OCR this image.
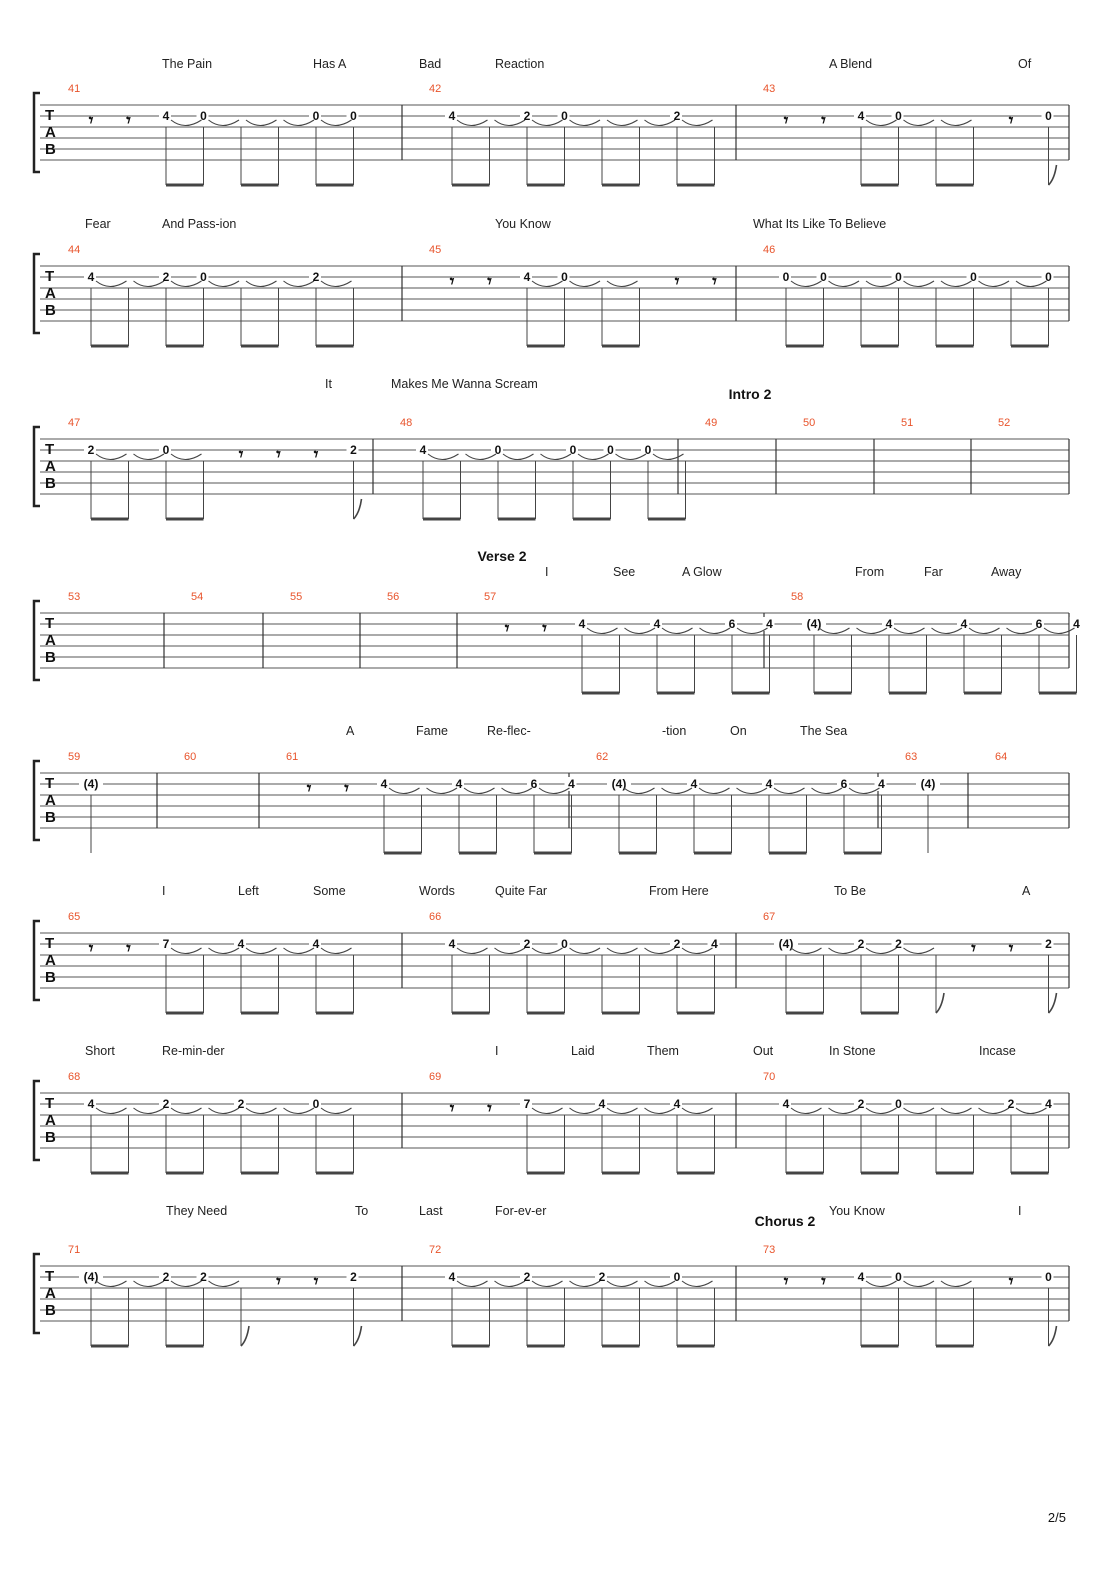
𝄾 𝄾	4	0	0	0	4	2	0	2	𝄾 𝄾	4	0	𝄾	0
T
A
B
The Pain	Has A	Bad	Reaction	A Blend	Of
41	42	43
4	2	0	2	𝄾 𝄾	4	0	𝄾 𝄾	0	0	0	0	0
T
A
B
Fear	And Pass-ion	You Know	What Its Like To Believe
44	45	46
2	0	𝄾 𝄾 𝄾	2	4	0	0	0	0
T
A
B
It	Makes Me Wanna Scream
Intro 2
47	48	49	50	51	52
𝄾 𝄾	4	4	6	4	(4)	4	4	6	4
T
A
B
I	See	A Glow	From	Far	Away
Verse 2
53	54	55	56	57	58
(4)	𝄾 𝄾	4	4	6	4	(4)	4	4	6	4	(4)
T
A
B
A	Fame	Re-flec-	-tion	On	The Sea
59	60	61	62	63	64
𝄾 𝄾	7	4	4	4	2	0	2	4	(4)	2	2	𝄾 𝄾	2
T
A
B
I	Left	Some	Words	Quite Far	From Here	To Be	A
65	66	67
4	2	2	0	𝄾 𝄾	7	4	4	4	2	0	2	4
T
A
B
Short	Re-min-der	I	Laid	Them	Out	In Stone	Incase
68	69	70
(4)	2	2	𝄾 𝄾	2	4	2	2	0	𝄾 𝄾	4	0	𝄾	0
T
A
B
They Need	To	Last	For-ev-er	You Know	I
Chorus 2
71	72	73
2/5
